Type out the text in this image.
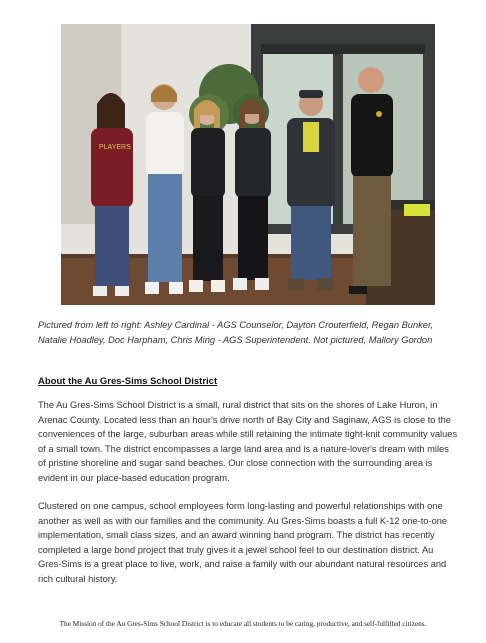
PLAYERS
Pictured from left to right: Ashley Cardinal - AGS Counselor, Dayton Crouterfield, Regan Bunker, Natalie Hoadley, Doc Harpham, Chris Ming - AGS Superintendent. Not pictured, Mallory Gordon
About the Au Gres-Sims School District

The Au Gres-Sims School District is a small, rural district that sits on the shores of Lake Huron, in Arenac County. Located less than an hour's drive north of Bay City and Saginaw, AGS is close to the conveniences of the large, suburban areas while still retaining the intimate tight-knit community values of a small town. The district encompasses a large land area and is a nature-lover's dream with miles of pristine shoreline and sugar sand beaches. Our close connection with the surrounding area is evident in our place-based education program.

Clustered on one campus, school employees form long-lasting and powerful relationships with one another as well as with our families and the community. Au Gres-Sims boasts a full K-12 one-to-one implementation, small class sizes, and an award winning band program. The district has recently completed a large bond project that truly gives it a jewel school feel to our destination district. Au Gres-Sims is a great place to live, work, and raise a family with our abundant natural resources and rich cultural history.

The Mission of the Au Gres-Sims School District is to educate all students to be caring, productive, and self-fulfilled citizens.
